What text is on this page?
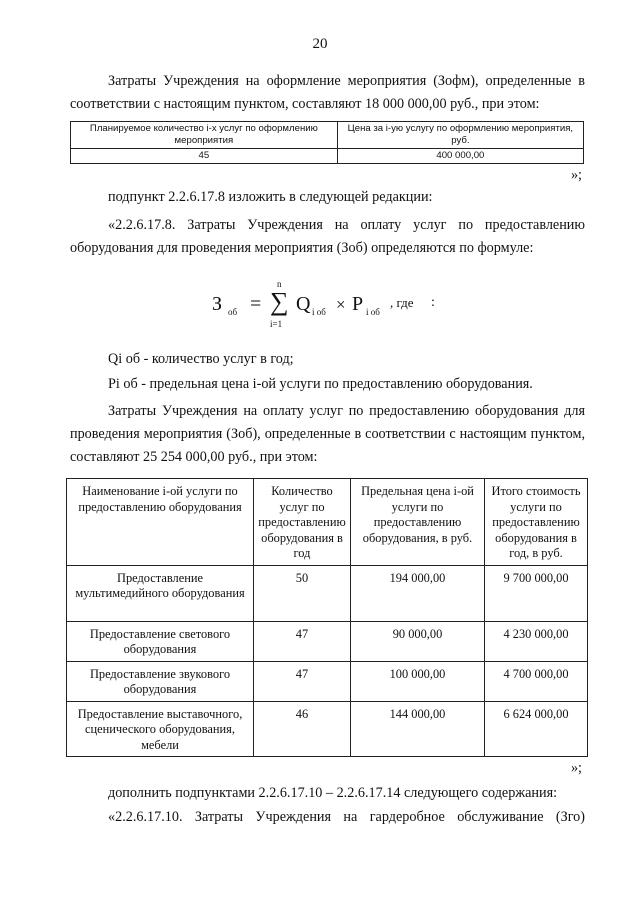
20
Затраты Учреждения на оформление мероприятия (Зофм), определенные в соответствии с настоящим пунктом, составляют 18 000 000,00 руб., при этом:
Планируемое количество i-х услуг по оформлению мероприятия	Цена за i-ую услугу по оформлению мероприятия, руб.
45	400 000,00
»;
подпункт 2.2.6.17.8 изложить в следующей редакции:
«2.2.6.17.8. Затраты Учреждения на оплату услуг по предоставлению оборудования для проведения мероприятия (Зоб) определяются по формуле:
З об =
n
∑
i=1
Q i об × P i об
, где :
Qi об - количество услуг в год;
Pi об - предельная цена i-ой услуги по предоставлению оборудования.
Затраты Учреждения на оплату услуг по предоставлению оборудования для проведения мероприятия (Зоб), определенные в соответствии с настоящим пунктом, составляют 25 254 000,00 руб., при этом:
Наименование i-ой услуги по предоставлению оборудования	Количество услуг по предоставлению оборудования в год	Предельная цена i-ой услуги по предоставлению оборудования, в руб.	Итого стоимость услуги по предоставлению оборудования в год, в руб.
Предоставление мультимедийного оборудования	50	194 000,00	9 700 000,00
Предоставление светового оборудования	47	90 000,00	4 230 000,00
Предоставление звукового оборудования	47	100 000,00	4 700 000,00
Предоставление выставочного, сценического оборудования, мебели	46	144 000,00	6 624 000,00
»;
дополнить подпунктами 2.2.6.17.10 – 2.2.6.17.14 следующего содержания:
«2.2.6.17.10. Затраты Учреждения на гардеробное обслуживание (Зго)
